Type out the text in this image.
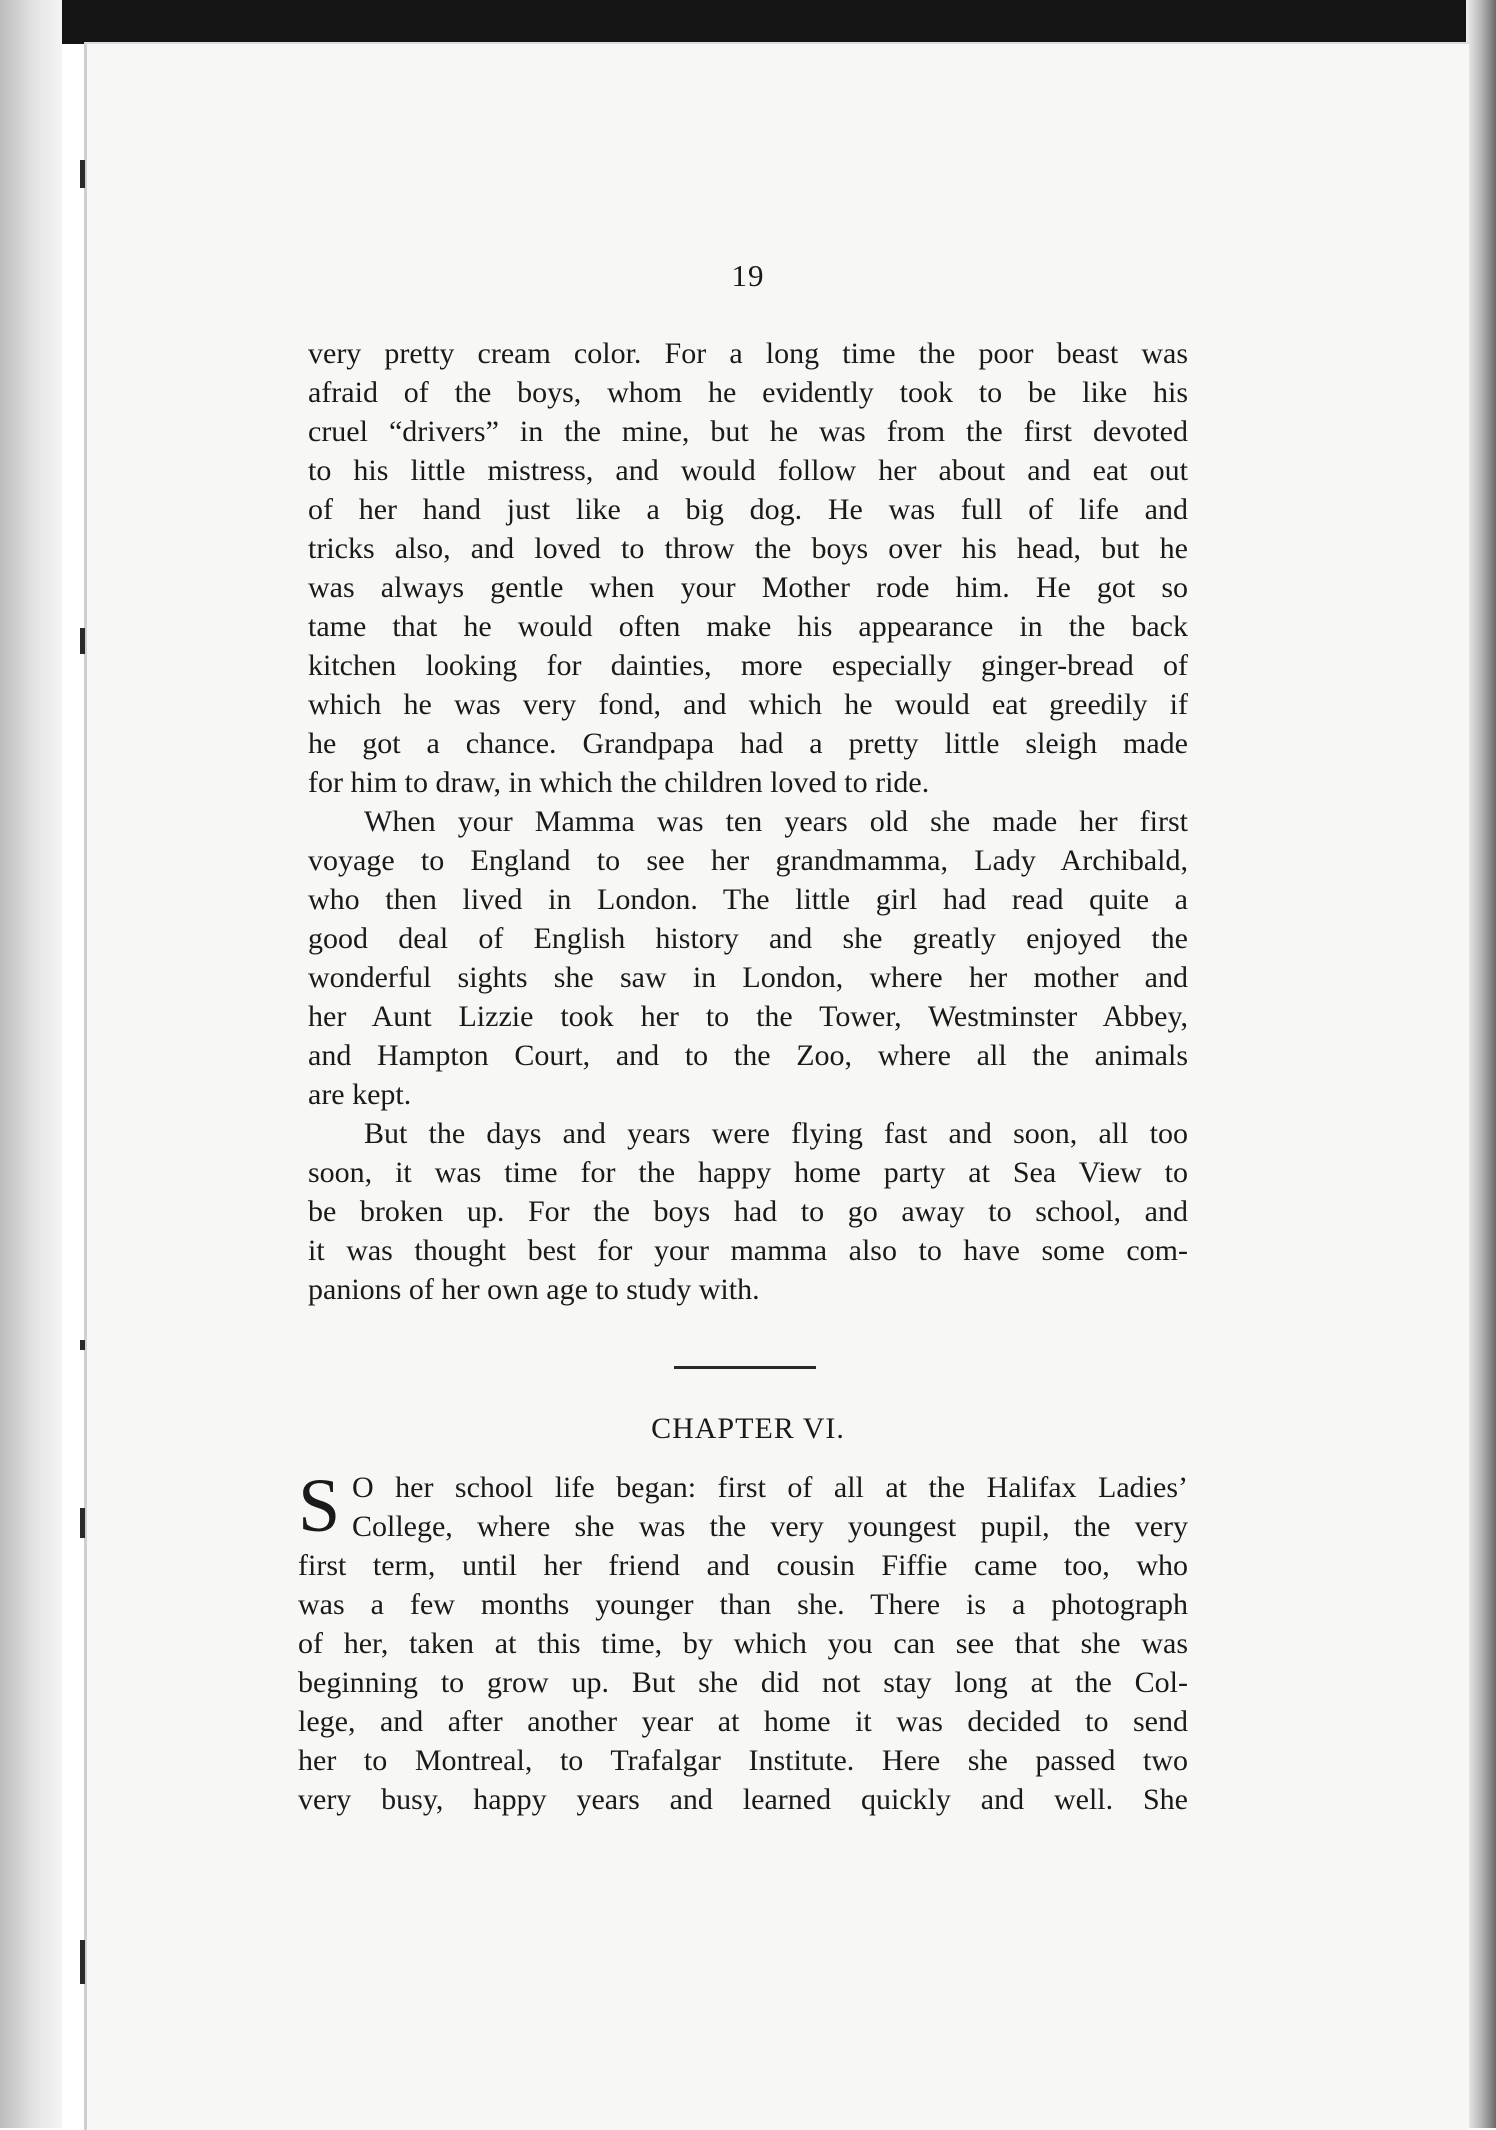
19
very pretty cream color. For a long time the poor beast was
afraid of the boys, whom he evidently took to be like his
cruel “drivers” in the mine, but he was from the first devoted
to his little mistress, and would follow her about and eat out
of her hand just like a big dog. He was full of life and
tricks also, and loved to throw the boys over his head, but he
was always gentle when your Mother rode him. He got so
tame that he would often make his appearance in the back
kitchen looking for dainties, more especially ginger-bread of
which he was very fond, and which he would eat greedily if
he got a chance. Grandpapa had a pretty little sleigh made
for him to draw, in which the children loved to ride.
When your Mamma was ten years old she made her first
voyage to England to see her grandmamma, Lady Archibald,
who then lived in London. The little girl had read quite a
good deal of English history and she greatly enjoyed the
wonderful sights she saw in London, where her mother and
her Aunt Lizzie took her to the Tower, Westminster Abbey,
and Hampton Court, and to the Zoo, where all the animals
are kept.
But the days and years were flying fast and soon, all too
soon, it was time for the happy home party at Sea View to
be broken up. For the boys had to go away to school, and
it was thought best for your mamma also to have some com-
panions of her own age to study with.
CHAPTER VI.
S O her school life began: first of all at the Halifax Ladies’
College, where she was the very youngest pupil, the very
first term, until her friend and cousin Fiffie came too, who
was a few months younger than she. There is a photograph
of her, taken at this time, by which you can see that she was
beginning to grow up. But she did not stay long at the Col-
lege, and after another year at home it was decided to send
her to Montreal, to Trafalgar Institute. Here she passed two
very busy, happy years and learned quickly and well. She
